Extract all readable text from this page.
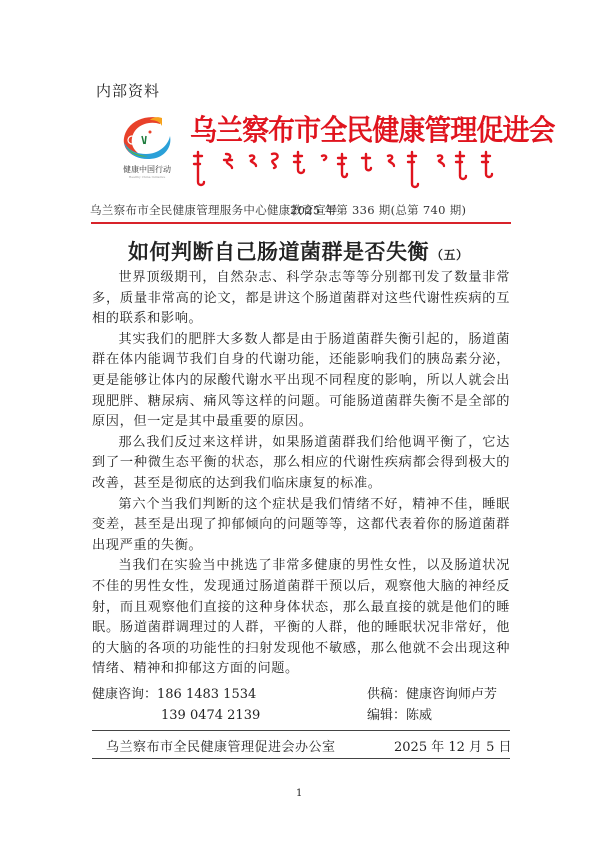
内部资料
健康中国行动
Healthy China Initiative
乌兰察布市全民健康管理促进会
乌兰察布市全民健康管理服务中心健康教育宣导
2025 年第 336 期(总第 740 期)
如何判断自己肠道菌群是否失衡 （五）

世界顶级期刊，自然杂志、科学杂志等等分别都刊发了数量非常多，质量非常高的论文，都是讲这个肠道菌群对这些代谢性疾病的互相的联系和影响。

其实我们的肥胖大多数人都是由于肠道菌群失衡引起的，肠道菌群在体内能调节我们自身的代谢功能，还能影响我们的胰岛素分泌，更是能够让体内的尿酸代谢水平出现不同程度的影响，所以人就会出现肥胖、糖尿病、痛风等这样的问题。可能肠道菌群失衡不是全部的原因，但一定是其中最重要的原因。

那么我们反过来这样讲，如果肠道菌群我们给他调平衡了，它达到了一种微生态平衡的状态，那么相应的代谢性疾病都会得到极大的改善，甚至是彻底的达到我们临床康复的标准。

第六个当我们判断的这个症状是我们情绪不好，精神不佳，睡眠变差，甚至是出现了抑郁倾向的问题等等，这都代表着你的肠道菌群出现严重的失衡。

当我们在实验当中挑选了非常多健康的男性女性，以及肠道状况不佳的男性女性，发现通过肠道菌群干预以后，观察他大脑的神经反射，而且观察他们直接的这种身体状态，那么最直接的就是他们的睡眠。肠道菌群调理过的人群，平衡的人群，他的睡眠状况非常好，他的大脑的各项的功能性的扫射发现他不敏感，那么他就不会出现这种情绪、精神和抑郁这方面的问题。

健康咨询：186 1483 1534	供稿：健康咨询师卢芳
139 0474 2139	编辑：陈威
乌兰察布市全民健康管理促进会办公室	2025 年 12 月 5 日
1
